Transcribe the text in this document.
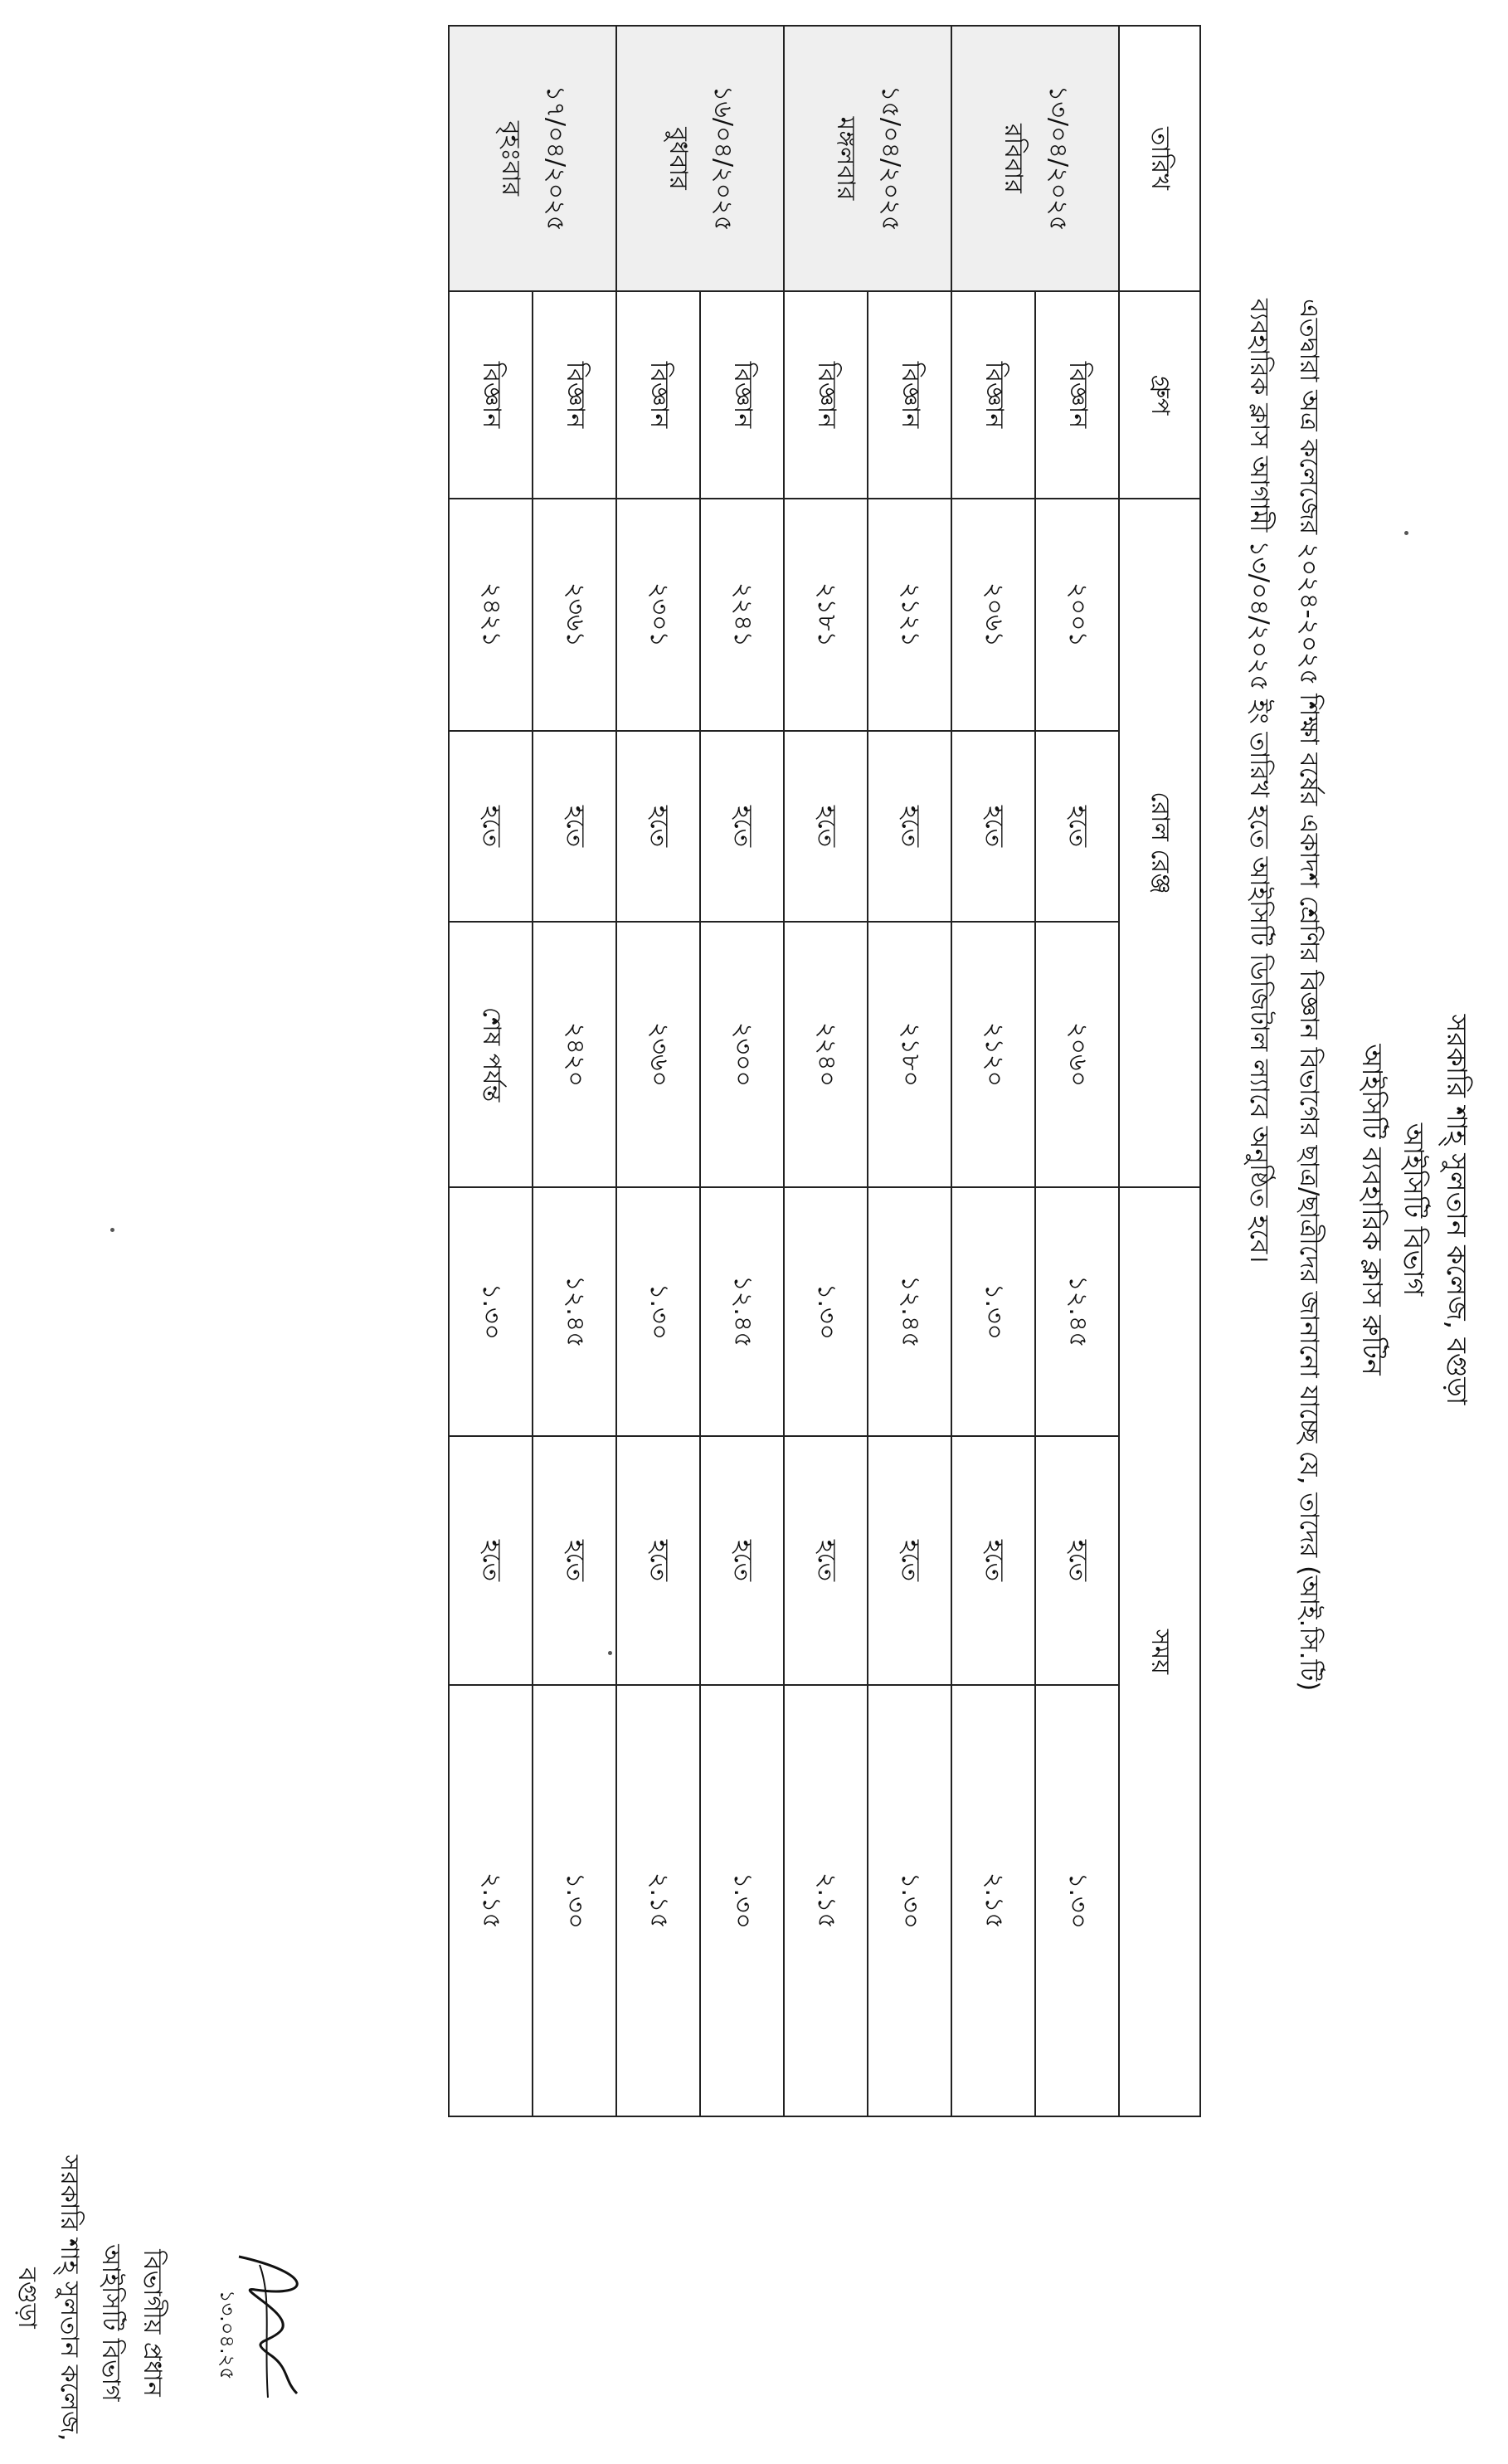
সরকারি শাহ্ সুলতান কলেজ, বগুড়া
আইসিটি বিভাগ
আইসিটি ব্যবহারিক ক্লাস রুটিন
এতদ্বারা অত্র কলেজের ২০২৪-২০২৫ শিক্ষা বর্ষের একাদশ শ্রেণির বিজ্ঞান বিভাগের ছাত্র/ছাত্রীদের জানানো যাচ্ছে যে, তাদের (আই.সি.টি)
ব্যবহারিক ক্লাস আগামী ১৩/০৪/২০২৫ ইং তারিখ হতে আইসিটি ডিজিটাল ল্যাবে অনুষ্ঠিত হবে।
তারিখ	গ্রুপ	রোল রেঞ্জ			সময়		

১৩/০৪/২০২৫
রবিবার	বিজ্ঞান	২০০১	হতে	২০৬০	১২.৪৫	হতে	১.৩০
	বিজ্ঞান	২০৬১	হতে	২১২০	১.৩০	হতে	২.১৫

১৫/০৪/২০২৫
মঙ্গলবার	বিজ্ঞান	২১২১	হতে	২১৮০	১২.৪৫	হতে	১.৩০
	বিজ্ঞান	২১৮১	হতে	২২৪০	১.৩০	হতে	২.১৫

১৬/০৪/২০২৫
বুধবার	বিজ্ঞান	২২৪১	হতে	২৩০০	১২.৪৫	হতে	১.৩০
	বিজ্ঞান	২৩০১	হতে	২৩৬০	১.৩০	হতে	২.১৫

১৭/০৪/২০২৫
বৃহঃবার	বিজ্ঞান	২৩৬১	হতে	২৪২০	১২.৪৫	হতে	১.৩০
	বিজ্ঞান	২৪২১	হতে	শেষ পর্যন্ত	১.৩০	হতে	২.১৫
১৩.০৪.২৫
বিভাগীয় প্রধান
আইসিটি বিভাগ
সরকারি শাহ্ সুলতান কলেজ, বগুড়া
